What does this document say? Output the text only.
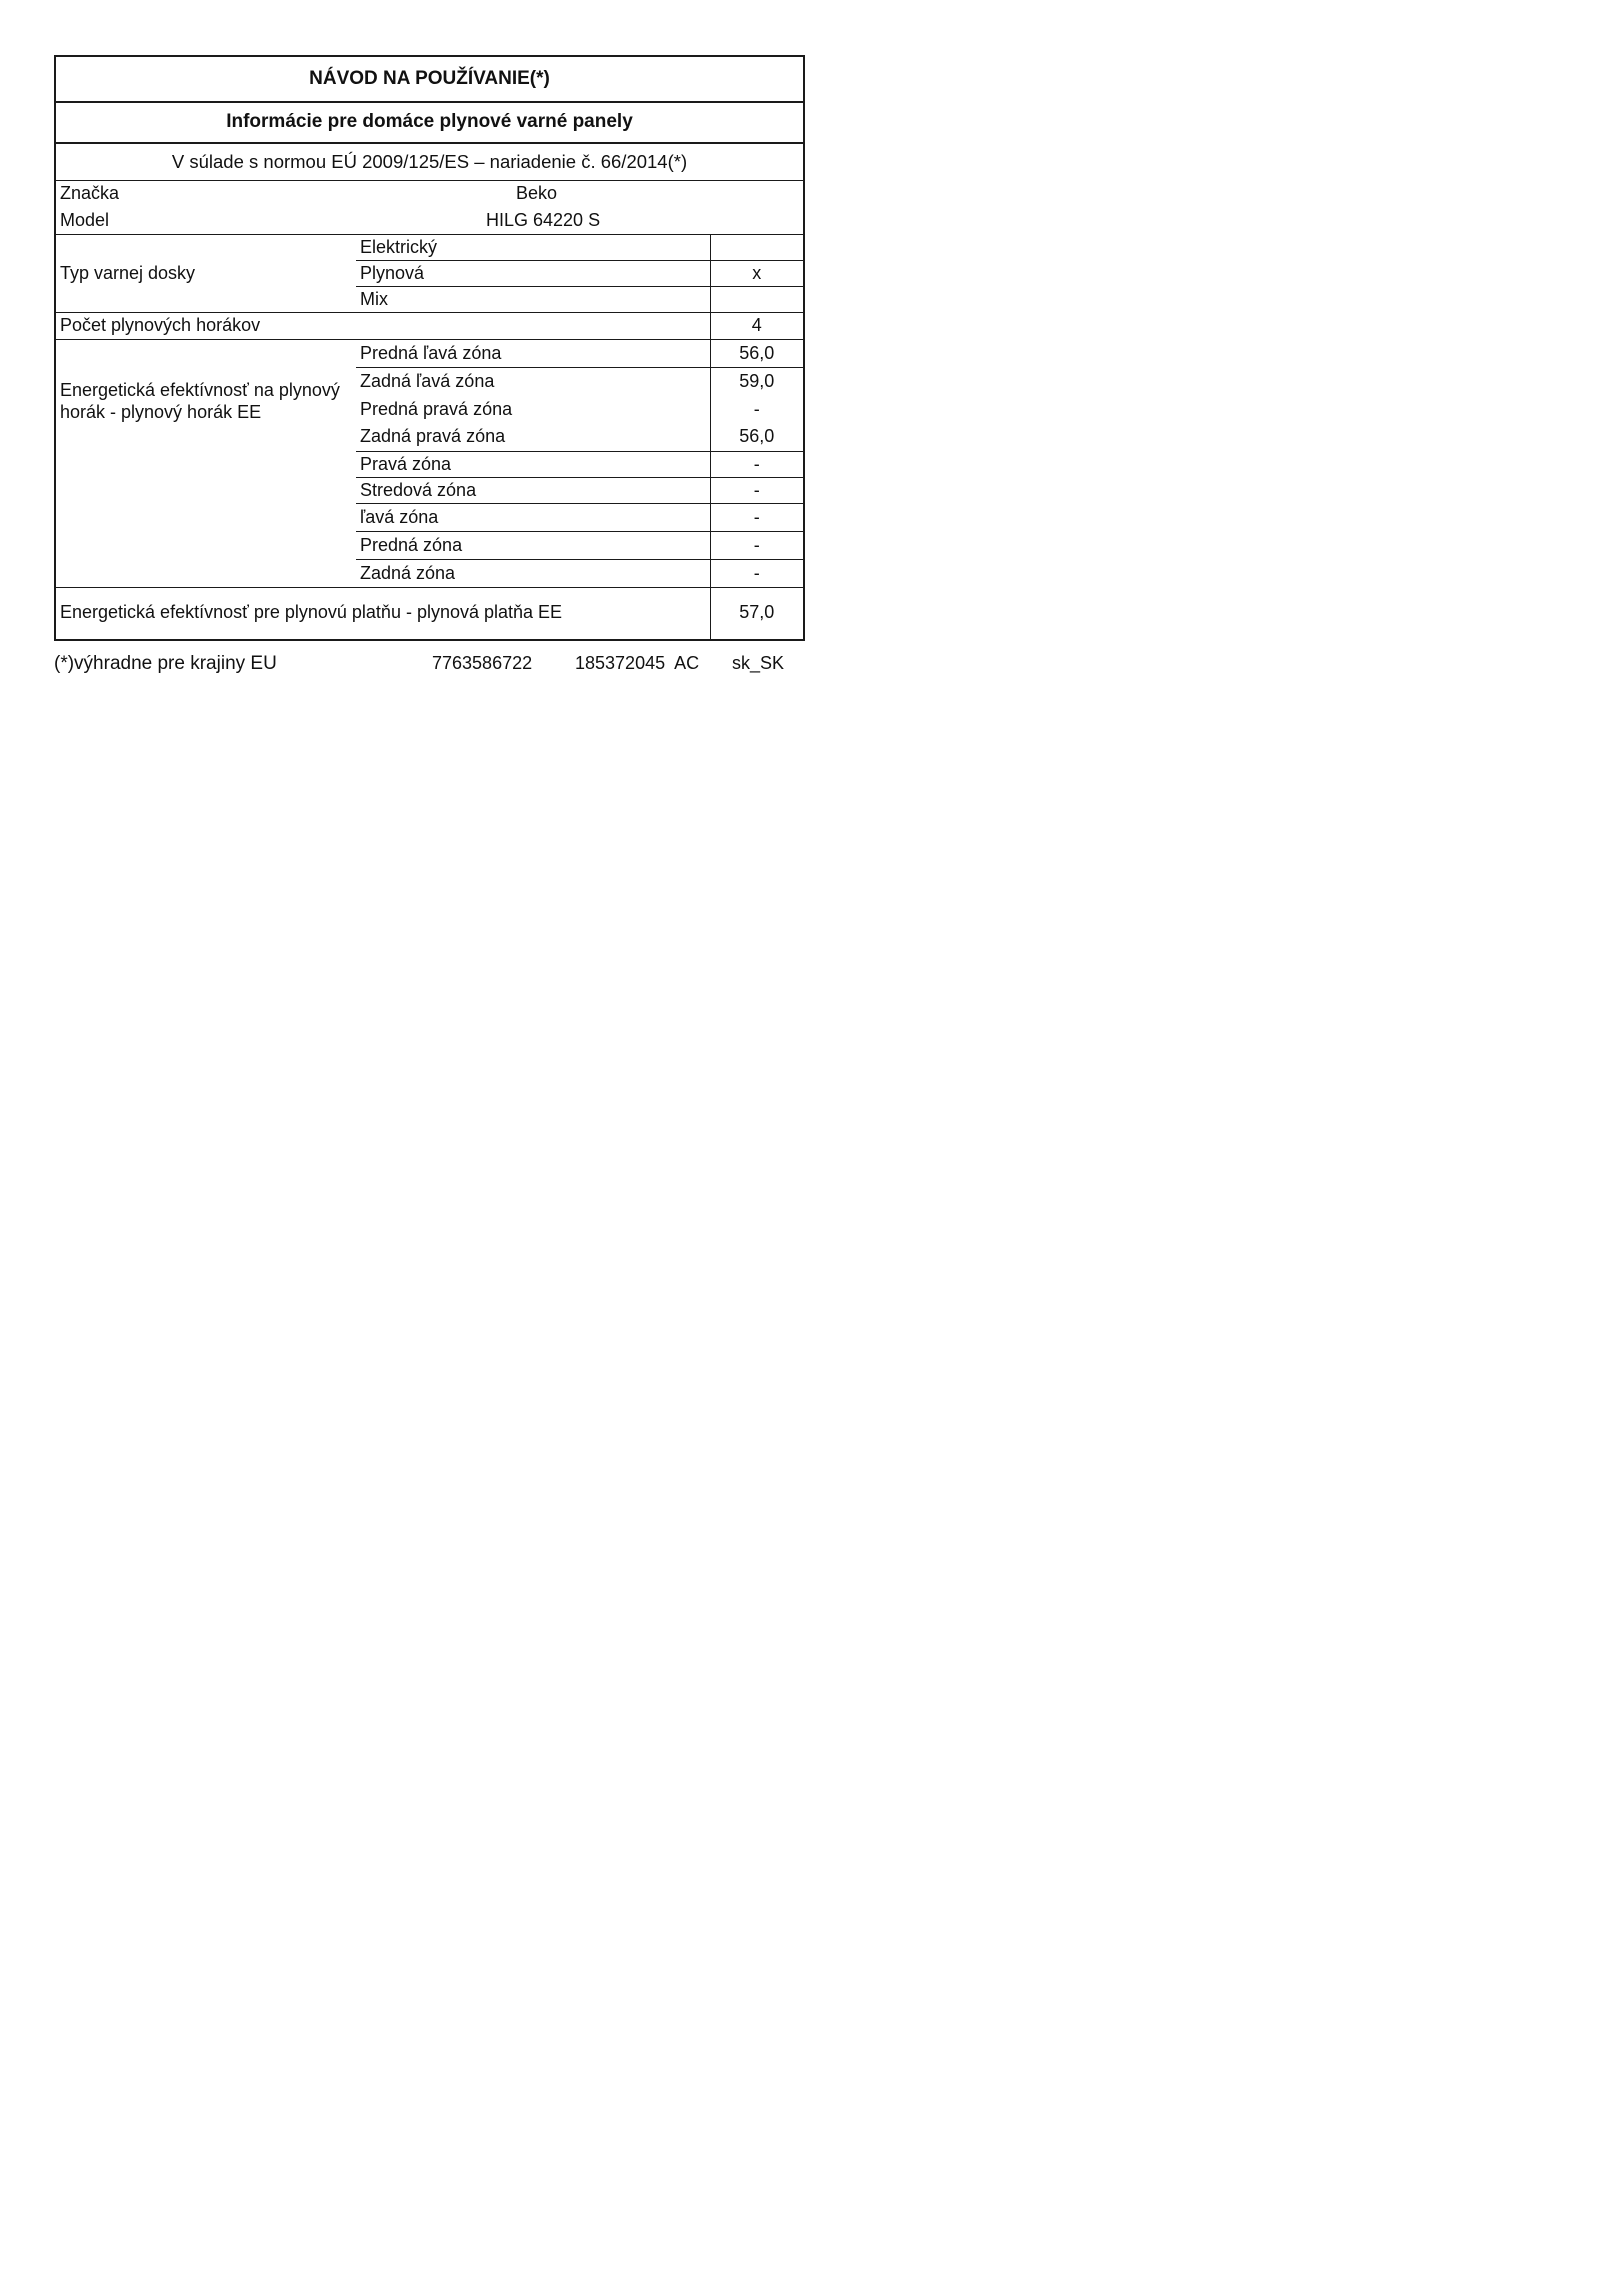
NÁVOD NA POUŽÍVANIE(*)		
Informácie pre domáce plynové varné panely		
V súlade s normou EÚ 2009/125/ES – nariadenie č. 66/2014(*)		
Značka	Beko	
Model	HILG 64220 S	
Typ varnej dosky	Elektrický	
	Plynová	x
	Mix	
Počet plynových horákov		4

Energetická efektívnosť na plynový horák - plynový horák EE	Predná ľavá zóna	56,0
	Zadná ľavá zóna	59,0
	Predná pravá zóna	-
	Zadná pravá zóna	56,0
	Pravá zóna	-
	Stredová zóna	-
	ľavá zóna	-
	Predná zóna	-
	Zadná zóna	-
Energetická efektívnosť pre plynovú platňu - plynová platňa EE		57,0
(*)výhradne pre krajiny EU	7763586722 185372045  AC sk_SK
